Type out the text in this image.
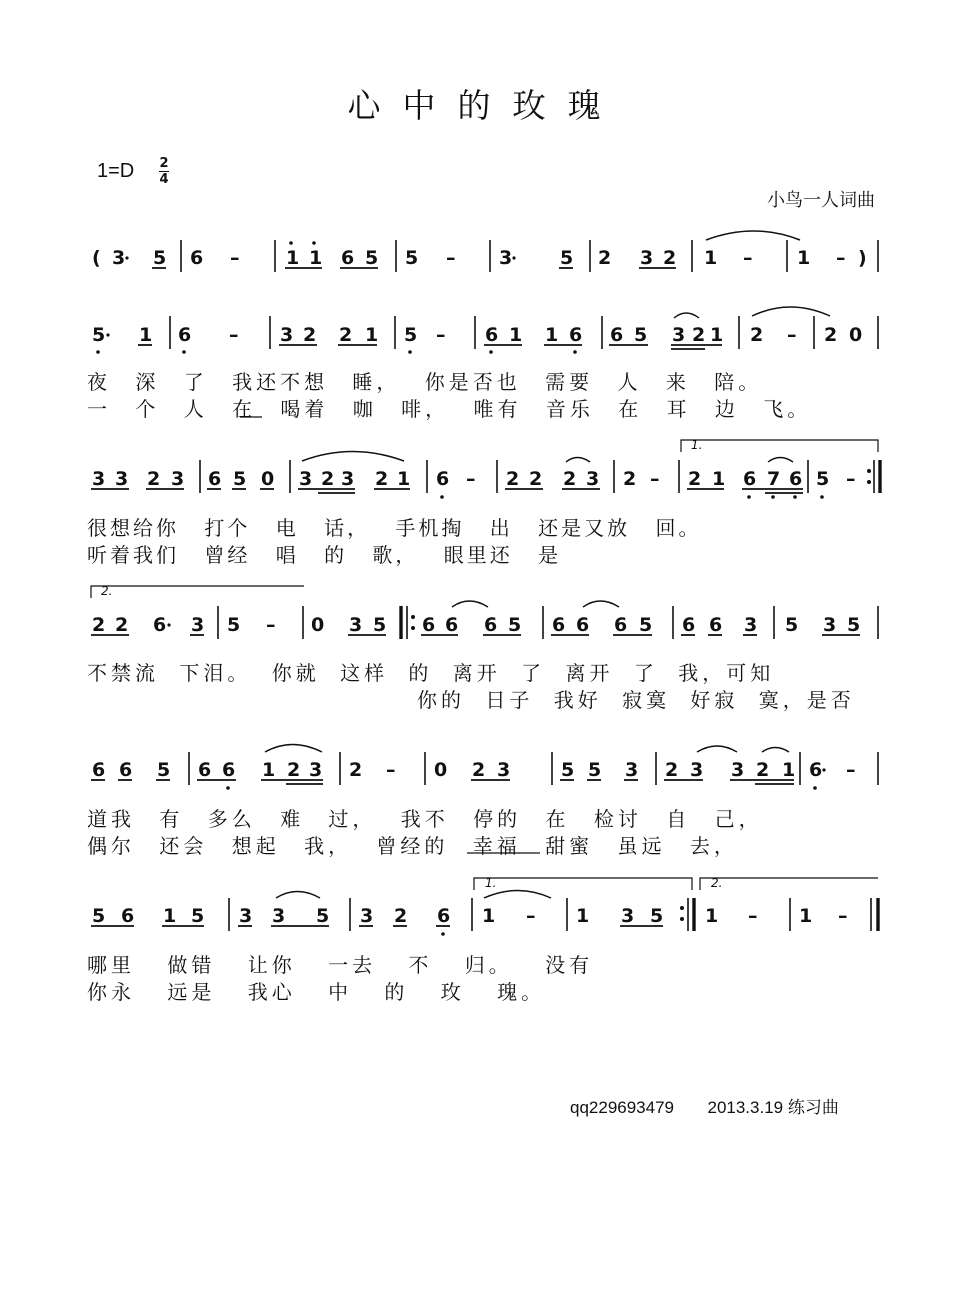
心中的玫瑰
1=D 2
4
小鸟一人词曲
( 3 5 6 – 1 1 6 5 5 – 3	5 2 3 2 1 – 1 – )
5 1 6 – 3 2 2 1 5 – 6 1 1 6 6 5 3 2 1 2 – 2 0
3 3 2 3 6 5 0 3 2 3 2 1 6 – 2 2 2 3 2 –
1.
2 1 6 7 6 5 –
2.
2 2 6 3 5 – 0 3 5 6 6 6 5 6 6 6 5 6 6 3 5 3 5
6 6 5 6 6 1 2 3 2 – 0 2 3	5 5 3 2 3 3 2 1 6 –
5 6 1 5 3 3 5 3 2 6
1.
1 – 1 3 5
2.
1 – 1 –
夜 深 了 我还不想 睡， 你是否也 需要 人 来 陪。
一 个 人 在 喝着 咖 啡， 唯有 音乐 在 耳 边 飞。
很想给你 打个 电 话， 手机掏 出 还是又放 回。
听着我们 曾经 唱 的 歌， 眼里还 是
不禁流 下泪。 你就 这样 的 离开 了 离开 了 我，可知
你的 日子 我好 寂寞 好寂 寞，是否
道我 有 多么 难 过， 我不 停的 在 检讨 自 己，
偶尔 还会 想起 我， 曾经的 幸福 甜蜜 虽远 去，
哪里 做错 让你 一去 不 归。 没有
你永 远是 我心 中 的 玫 瑰。
qq229693479 2013.3.19 练习曲
